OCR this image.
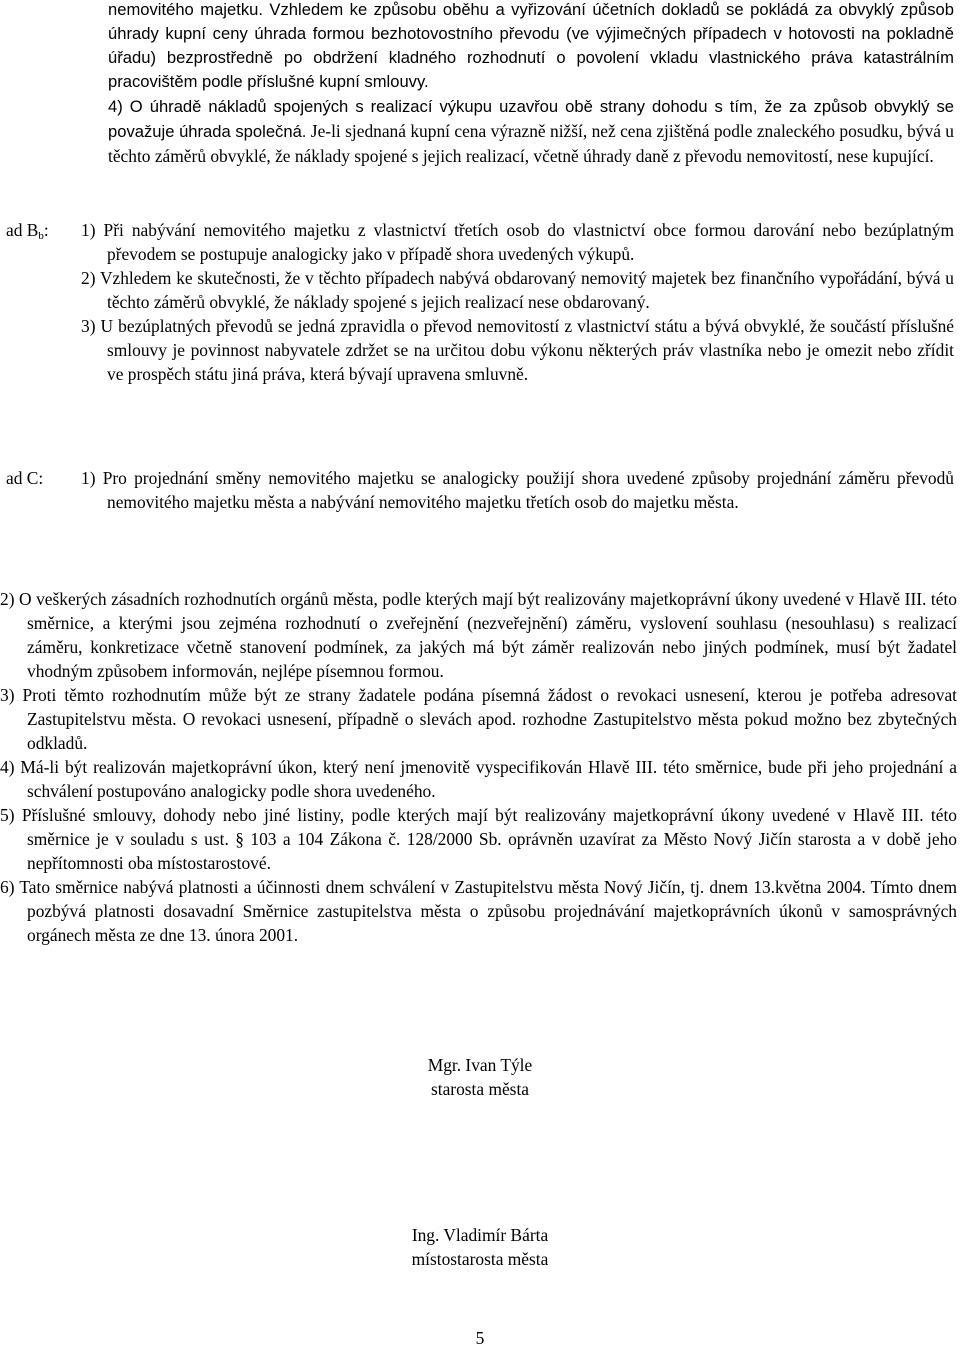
nemovitého majetku. Vzhledem ke způsobu oběhu a vyřizování účetních dokladů se pokládá za obvyklý způsob úhrady kupní ceny úhrada formou bezhotovostního převodu (ve výjimečných případech v hotovosti na pokladně úřadu) bezprostředně po obdržení kladného rozhodnutí o povolení vkladu vlastnického práva katastrálním pracovištěm podle příslušné kupní smlouvy.

4) O úhradě nákladů spojených s realizací výkupu uzavřou obě strany dohodu s tím, že za způsob obvyklý se považuje úhrada společná. Je-li sjednaná kupní cena výrazně nižší, než cena zjištěná podle znaleckého posudku, bývá u těchto záměrů obvyklé, že náklady spojené s jejich realizací, včetně úhrady daně z převodu nemovitostí, nese kupující.

ad $B_b$: 1) Při nabývání nemovitého majetku z vlastnictví třetích osob do vlastnictví obce formou darování nebo bezúplatným převodem se postupuje analogicky jako v případě shora uvedených výkupů.

2) Vzhledem ke skutečnosti, že v těchto případech nabývá obdarovaný nemovitý majetek bez finančního vypořádání, bývá u těchto záměrů obvyklé, že náklady spojené s jejich realizací nese obdarovaný.

3) U bezúplatných převodů se jedná zpravidla o převod nemovitostí z vlastnictví státu a bývá obvyklé, že součástí příslušné smlouvy je povinnost nabyvatele zdržet se na určitou dobu výkonu některých práv vlastníka nebo je omezit nebo zřídit ve prospěch státu jiná práva, která bývají upravena smluvně.

ad C: 1) Pro projednání směny nemovitého majetku se analogicky použijí shora uvedené způsoby projednání záměru převodů nemovitého majetku města a nabývání nemovitého majetku třetích osob do majetku města.

2) O veškerých zásadních rozhodnutích orgánů města, podle kterých mají být realizovány majetkoprávní úkony uvedené v Hlavě III. této směrnice, a kterými jsou zejména rozhodnutí o zveřejnění (nezveřejnění) záměru, vyslovení souhlasu (nesouhlasu) s realizací záměru, konkretizace včetně stanovení podmínek, za jakých má být záměr realizován nebo jiných podmínek, musí být žadatel vhodným způsobem informován, nejlépe písemnou formou.

3) Proti těmto rozhodnutím může být ze strany žadatele podána písemná žádost o revokaci usnesení, kterou je potřeba adresovat Zastupitelstvu města. O revokaci usnesení, případně o slevách apod. rozhodne Zastupitelstvo města pokud možno bez zbytečných odkladů.

4) Má-li být realizován majetkoprávní úkon, který není jmenovitě vyspecifikován Hlavě III. této směrnice, bude při jeho projednání a schválení postupováno analogicky podle shora uvedeného.

5) Příslušné smlouvy, dohody nebo jiné listiny, podle kterých mají být realizovány majetkoprávní úkony uvedené v Hlavě III. této směrnice je v souladu s ust. § 103 a 104 Zákona č. 128/2000 Sb. oprávněn uzavírat za Město Nový Jičín starosta a v době jeho nepřítomnosti oba místostarostové.

6) Tato směrnice nabývá platnosti a účinnosti dnem schválení v Zastupitelstvu města Nový Jičín, tj. dnem 13.května 2004. Tímto dnem pozbývá platnosti dosavadní Směrnice zastupitelstva města o způsobu projednávání majetkoprávních úkonů v samosprávných orgánech města ze dne 13. února 2001.

Mgr. Ivan Týle
starosta města
Ing. Vladimír Bárta
místostarosta města
5
